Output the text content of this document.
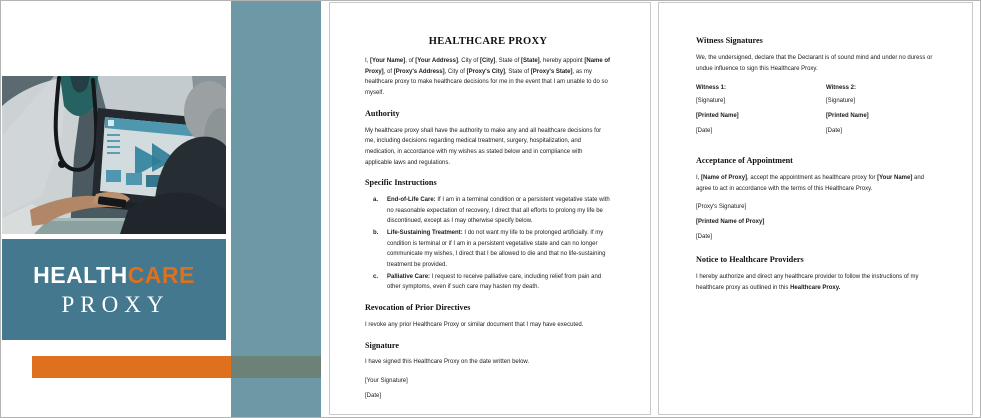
HEALTHCARE
PROXY
HEALTHCARE PROXY

I, [Your Name], of [Your Address], City of [City], State of [State], hereby appoint [Name of Proxy], of [Proxy's Address], City of [Proxy's City], State of [Proxy's State], as my healthcare proxy to make healthcare decisions for me in the event that I am unable to do so myself.

Authority

My healthcare proxy shall have the authority to make any and all healthcare decisions for me, including decisions regarding medical treatment, surgery, hospitalization, and medication, in accordance with my wishes as stated below and in compliance with applicable laws and regulations.

Specific Instructions
a.	End-of-Life Care: If I am in a terminal condition or a persistent vegetative state with no reasonable expectation of recovery, I direct that all efforts to prolong my life be discontinued, except as I may otherwise specify below.
b.	Life-Sustaining Treatment: I do not want my life to be prolonged artificially. If my condition is terminal or if I am in a persistent vegetative state and can no longer communicate my wishes, I direct that I be allowed to die and that no life-sustaining treatment be provided.
c.	Palliative Care: I request to receive palliative care, including relief from pain and other symptoms, even if such care may hasten my death.
Revocation of Prior Directives

I revoke any prior Healthcare Proxy or similar document that I may have executed.

Signature

I have signed this Healthcare Proxy on the date written below.

[Your Signature]

[Date]

Witness Signatures

We, the undersigned, declare that the Declarant is of sound mind and under no duress or undue influence to sign this Healthcare Proxy.

Witness 1:

[Signature]

[Printed Name]

[Date]

Witness 2:

[Signature]

[Printed Name]

[Date]

Acceptance of Appointment

I, [Name of Proxy], accept the appointment as healthcare proxy for [Your Name] and agree to act in accordance with the terms of this Healthcare Proxy.

[Proxy's Signature]

[Printed Name of Proxy]

[Date]

Notice to Healthcare Providers

I hereby authorize and direct any healthcare provider to follow the instructions of my healthcare proxy as outlined in this Healthcare Proxy.
